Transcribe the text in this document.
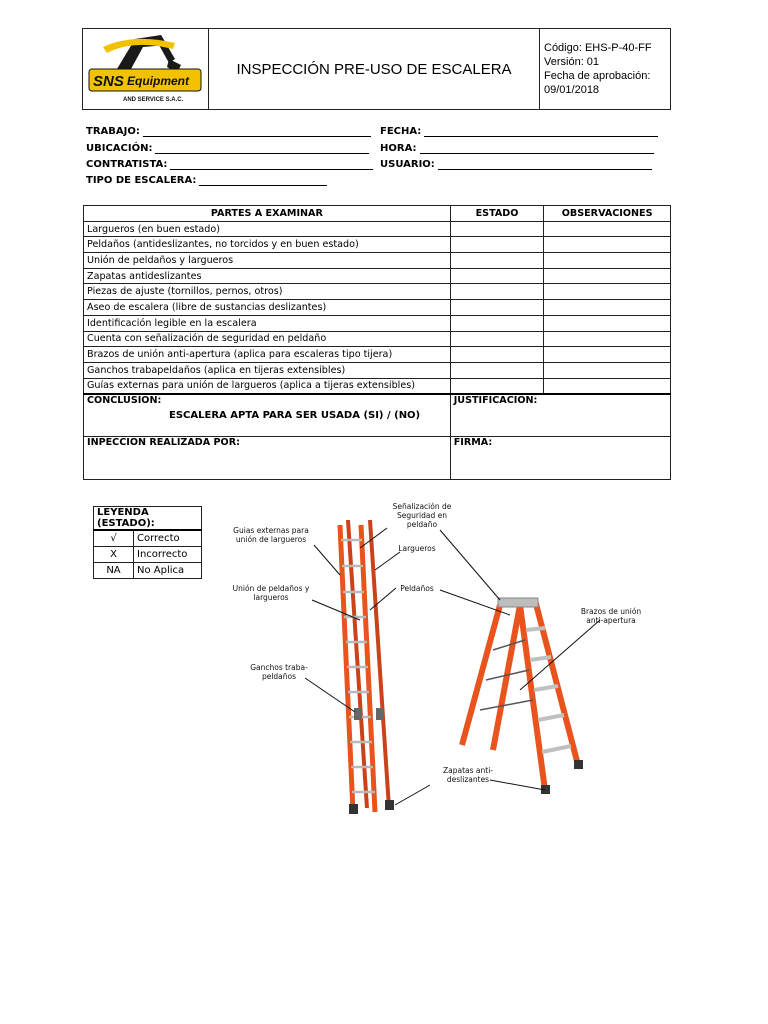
SNS Equipment
AND SERVICE S.A.C.
INSPECCIÓN PRE-USO DE ESCALERA
Código: EHS-P-40-FF
Versión: 01
Fecha de aprobación:
09/01/2018
TRABAJO:
UBICACIÓN:
CONTRATISTA:
TIPO DE ESCALERA:
FECHA:
HORA:
USUARIO:
PARTES A EXAMINAR	ESTADO	OBSERVACIONES
Largueros (en buen estado)		
Peldaños (antideslizantes, no torcidos y en buen estado)		
Unión de peldaños y largueros		
Zapatas antideslizantes		
Piezas de ajuste (tornillos, pernos, otros)		
Aseo de escalera (libre de sustancias deslizantes)		
Identificación legible en la escalera		
Cuenta con señalización de seguridad en peldaño		
Brazos de unión anti-apertura (aplica para escaleras tipo tijera)		
Ganchos trabapeldaños (aplica en tijeras extensibles)		
Guías externas para unión de largueros (aplica a tijeras extensibles)		

CONCLUSION:
ESCALERA APTA PARA SER USADA (SI) / (NO)	JUSTIFICACION:	

INPECCION REALIZADA POR:	FIRMA:	
LEYENDA (ESTADO):	
√	Correcto
X	Incorrecto
NA	No Aplica
Guias externas para unión de largueros
Unión de peldaños y largueros
Ganchos traba-peldaños
Señalización de Seguridad en peldaño
Largueros
Peldaños
Brazos de unión anti-apertura
Zapatas anti-deslizantes
